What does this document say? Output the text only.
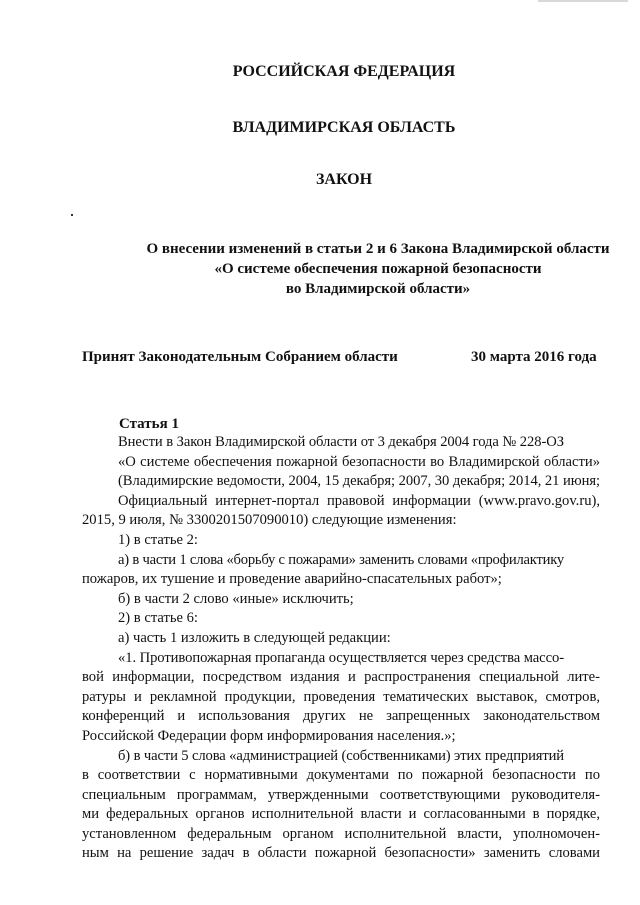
РОССИЙСКАЯ ФЕДЕРАЦИЯ
ВЛАДИМИРСКАЯ ОБЛАСТЬ
ЗАКОН
О внесении изменений в статьи 2 и 6 Закона Владимирской области
«О системе обеспечения пожарной безопасности
во Владимирской области»
Принят Законодательным Собранием области	30 марта 2016 года
Статья 1
Внести в Закон Владимирской области от 3 декабря 2004 года № 228-ОЗ
«О системе обеспечения пожарной безопасности во Владимирской области»
(Владимирские ведомости, 2004, 15 декабря; 2007, 30 декабря; 2014, 21 июня;
Официальный интернет-портал правовой информации (www.pravo.gov.ru),
2015, 9 июля, № 3300201507090010) следующие изменения:
1) в статье 2:
а) в части 1 слова «борьбу с пожарами» заменить словами «профилактику
пожаров, их тушение и проведение аварийно-спасательных работ»;
б) в части 2 слово «иные» исключить;
2) в статье 6:
а) часть 1 изложить в следующей редакции:
«1. Противопожарная пропаганда осуществляется через средства массо-
вой информации, посредством издания и распространения специальной лите-
ратуры и рекламной продукции, проведения тематических выставок, смотров,
конференций и использования других не запрещенных законодательством
Российской Федерации форм информирования населения.»;
б) в части 5 слова «администрацией (собственниками) этих предприятий
в соответствии с нормативными документами по пожарной безопасности по
специальным программам, утвержденными соответствующими руководителя-
ми федеральных органов исполнительной власти и согласованными в порядке,
установленном федеральным органом исполнительной власти, уполномочен-
ным на решение задач в области пожарной безопасности» заменить словами
